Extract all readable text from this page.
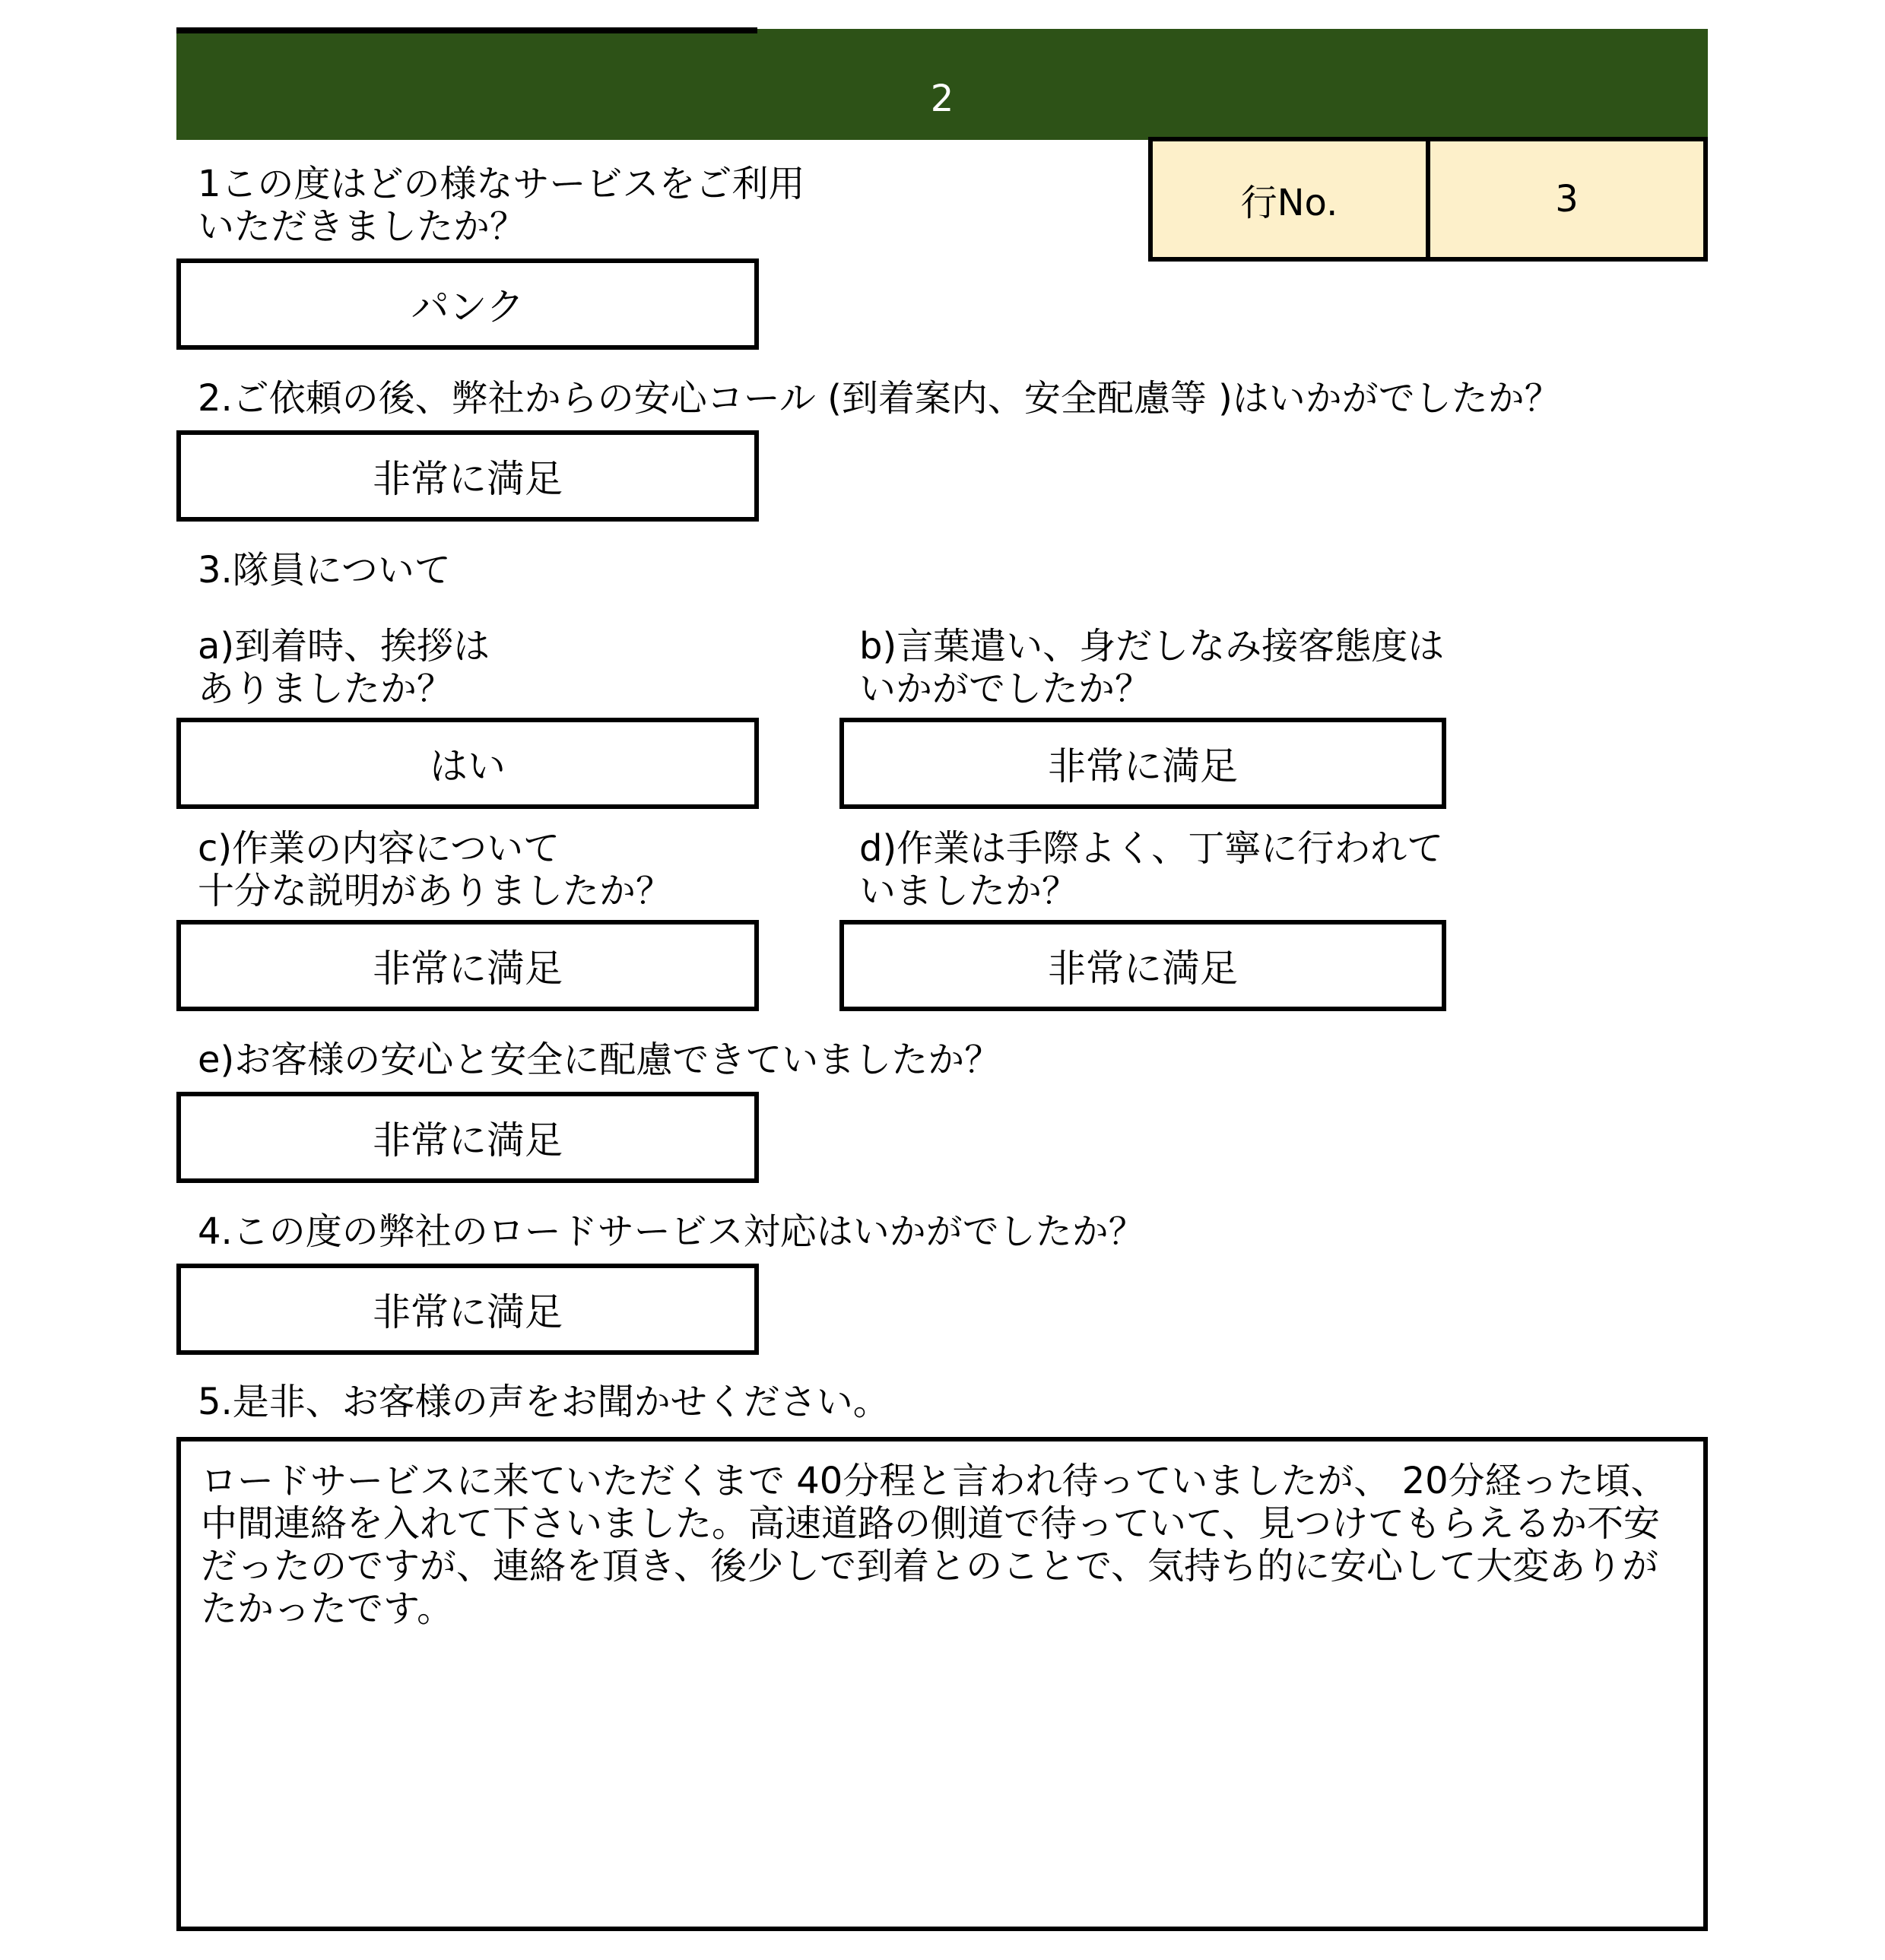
2
行No.	3

1この度はどの様なサービスをご利用
いただきましたか？

パンク

2.ご依頼の後、弊社からの安心コール (到着案内、安全配慮等 )はいかがでしたか？

非常に満足

3.隊員について

a)到着時、挨拶は
ありましたか？

はい

b)言葉遣い、身だしなみ接客態度は
いかがでしたか？

非常に満足

c)作業の内容について
十分な説明がありましたか？

非常に満足

d)作業は手際よく、丁寧に行われて
いましたか？

非常に満足

e)お客様の安心と安全に配慮できていましたか？

非常に満足

4.この度の弊社のロードサービス対応はいかがでしたか？

非常に満足

5.是非、お客様の声をお聞かせください。

ロードサービスに来ていただくまで 40分程と言われ待っていましたが、 20分経った頃、中間連絡を入れて下さいました。高速道路の側道で待っていて、見つけてもらえるか不安だったのですが、連絡を頂き、後少しで到着とのことで、気持ち的に安心して大変ありがたかったです。
